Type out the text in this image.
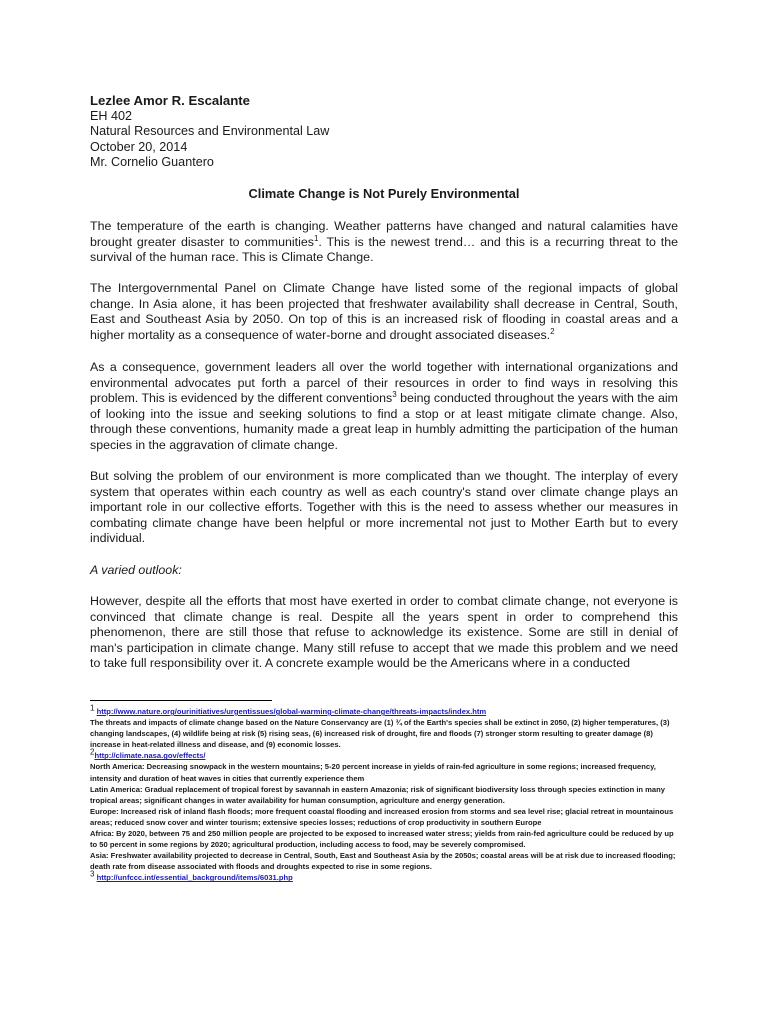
Lezlee Amor R. Escalante
EH 402
Natural Resources and Environmental Law
October 20, 2014
Mr. Cornelio Guantero
Climate Change is Not Purely Environmental

The temperature of the earth is changing. Weather patterns have changed and natural calamities have brought greater disaster to communities$^1$. This is the newest trend… and this is a recurring threat to the survival of the human race. This is Climate Change.

The Intergovernmental Panel on Climate Change have listed some of the regional impacts of global change. In Asia alone, it has been projected that freshwater availability shall decrease in Central, South, East and Southeast Asia by 2050. On top of this is an increased risk of flooding in coastal areas and a higher mortality as a consequence of water-borne and drought associated diseases.$^2$

As a consequence, government leaders all over the world together with international organizations and environmental advocates put forth a parcel of their resources in order to find ways in resolving this problem. This is evidenced by the different conventions$^3$ being conducted throughout the years with the aim of looking into the issue and seeking solutions to find a stop or at least mitigate climate change. Also, through these conventions, humanity made a great leap in humbly admitting the participation of the human species in the aggravation of climate change.

But solving the problem of our environment is more complicated than we thought. The interplay of every system that operates within each country as well as each country's stand over climate change plays an important role in our collective efforts. Together with this is the need to assess whether our measures in combating climate change have been helpful or more incremental not just to Mother Earth but to every individual.

A varied outlook:

However, despite all the efforts that most have exerted in order to combat climate change, not everyone is convinced that climate change is real. Despite all the years spent in order to comprehend this phenomenon, there are still those that refuse to acknowledge its existence. Some are still in denial of man's participation in climate change. Many still refuse to accept that we made this problem and we need to take full responsibility over it. A concrete example would be the Americans where in a conducted

1 http://www.nature.org/ourinitiatives/urgentissues/global-warming-climate-change/threats-impacts/index.htm
The threats and impacts of climate change based on the Nature Conservancy are (1) ¾ of the Earth's species shall be extinct in 2050, (2) higher temperatures, (3) changing landscapes, (4) wildlife being at risk (5) rising seas, (6) increased risk of drought, fire and floods (7) stronger storm resulting to greater damage (8) increase in heat-related illness and disease, and (9) economic losses.
2http://climate.nasa.gov/effects/
North America: Decreasing snowpack in the western mountains; 5-20 percent increase in yields of rain-fed agriculture in some regions; increased frequency, intensity and duration of heat waves in cities that currently experience them
Latin America: Gradual replacement of tropical forest by savannah in eastern Amazonia; risk of significant biodiversity loss through species extinction in many tropical areas; significant changes in water availability for human consumption, agriculture and energy generation.
Europe: Increased risk of inland flash floods; more frequent coastal flooding and increased erosion from storms and sea level rise; glacial retreat in mountainous areas; reduced snow cover and winter tourism; extensive species losses; reductions of crop productivity in southern Europe
Africa: By 2020, between 75 and 250 million people are projected to be exposed to increased water stress; yields from rain-fed agriculture could be reduced by up to 50 percent in some regions by 2020; agricultural production, including access to food, may be severely compromised.
Asia: Freshwater availability projected to decrease in Central, South, East and Southeast Asia by the 2050s; coastal areas will be at risk due to increased flooding; death rate from disease associated with floods and droughts expected to rise in some regions.
3 http://unfccc.int/essential_background/items/6031.php
